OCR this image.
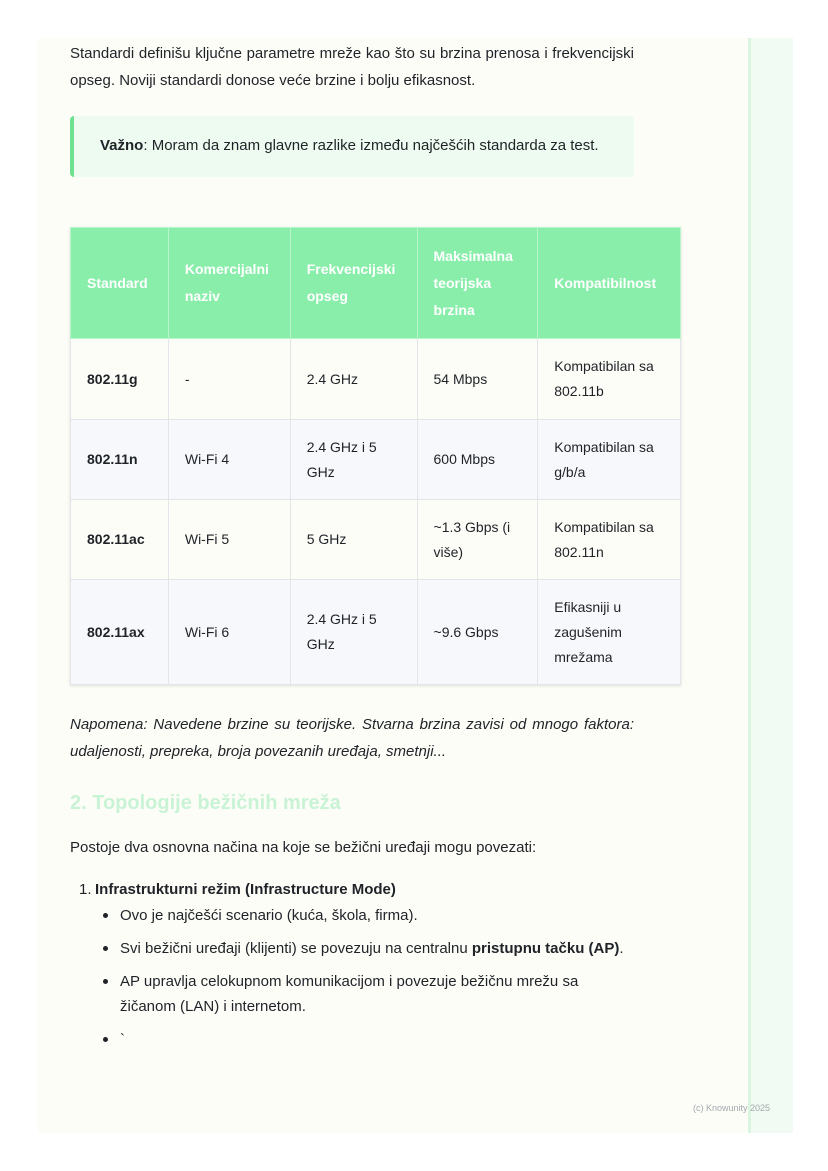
Standardi definišu ključne parametre mreže kao što su brzina prenosa i frekvencijski opseg. Noviji standardi donose veće brzine i bolju efikasnost.

Važno: Moram da znam glavne razlike između najčešćih standarda za test.
Standard	Komercijalni naziv	Frekvencijski opseg	Maksimalna teorijska brzina	Kompatibilnost
802.11g	-	2.4 GHz	54 Mbps	Kompatibilan sa 802.11b
802.11n	Wi-Fi 4	2.4 GHz i 5 GHz	600 Mbps	Kompatibilan sa g/b/a
802.11ac	Wi-Fi 5	5 GHz	~1.3 Gbps (i više)	Kompatibilan sa 802.11n
802.11ax	Wi-Fi 6	2.4 GHz i 5 GHz	~9.6 Gbps	Efikasniji u zagušenim mrežama

Napomena: Navedene brzine su teorijske. Stvarna brzina zavisi od mnogo faktora: udaljenosti, prepreka, broja povezanih uređaja, smetnji...

2. Topologije bežičnih mreža

Postoje dva osnovna načina na koje se bežični uređaji mogu povezati:

1. Infrastrukturni režim (Infrastructure Mode)
Ovo je najčešći scenario (kuća, škola, firma).
Svi bežični uređaji (klijenti) se povezuju na centralnu pristupnu tačku (AP).
AP upravlja celokupnom komunikacijom i povezuje bežičnu mrežu sa žičanom (LAN) i internetom.
`
(c) Knowunity 2025
